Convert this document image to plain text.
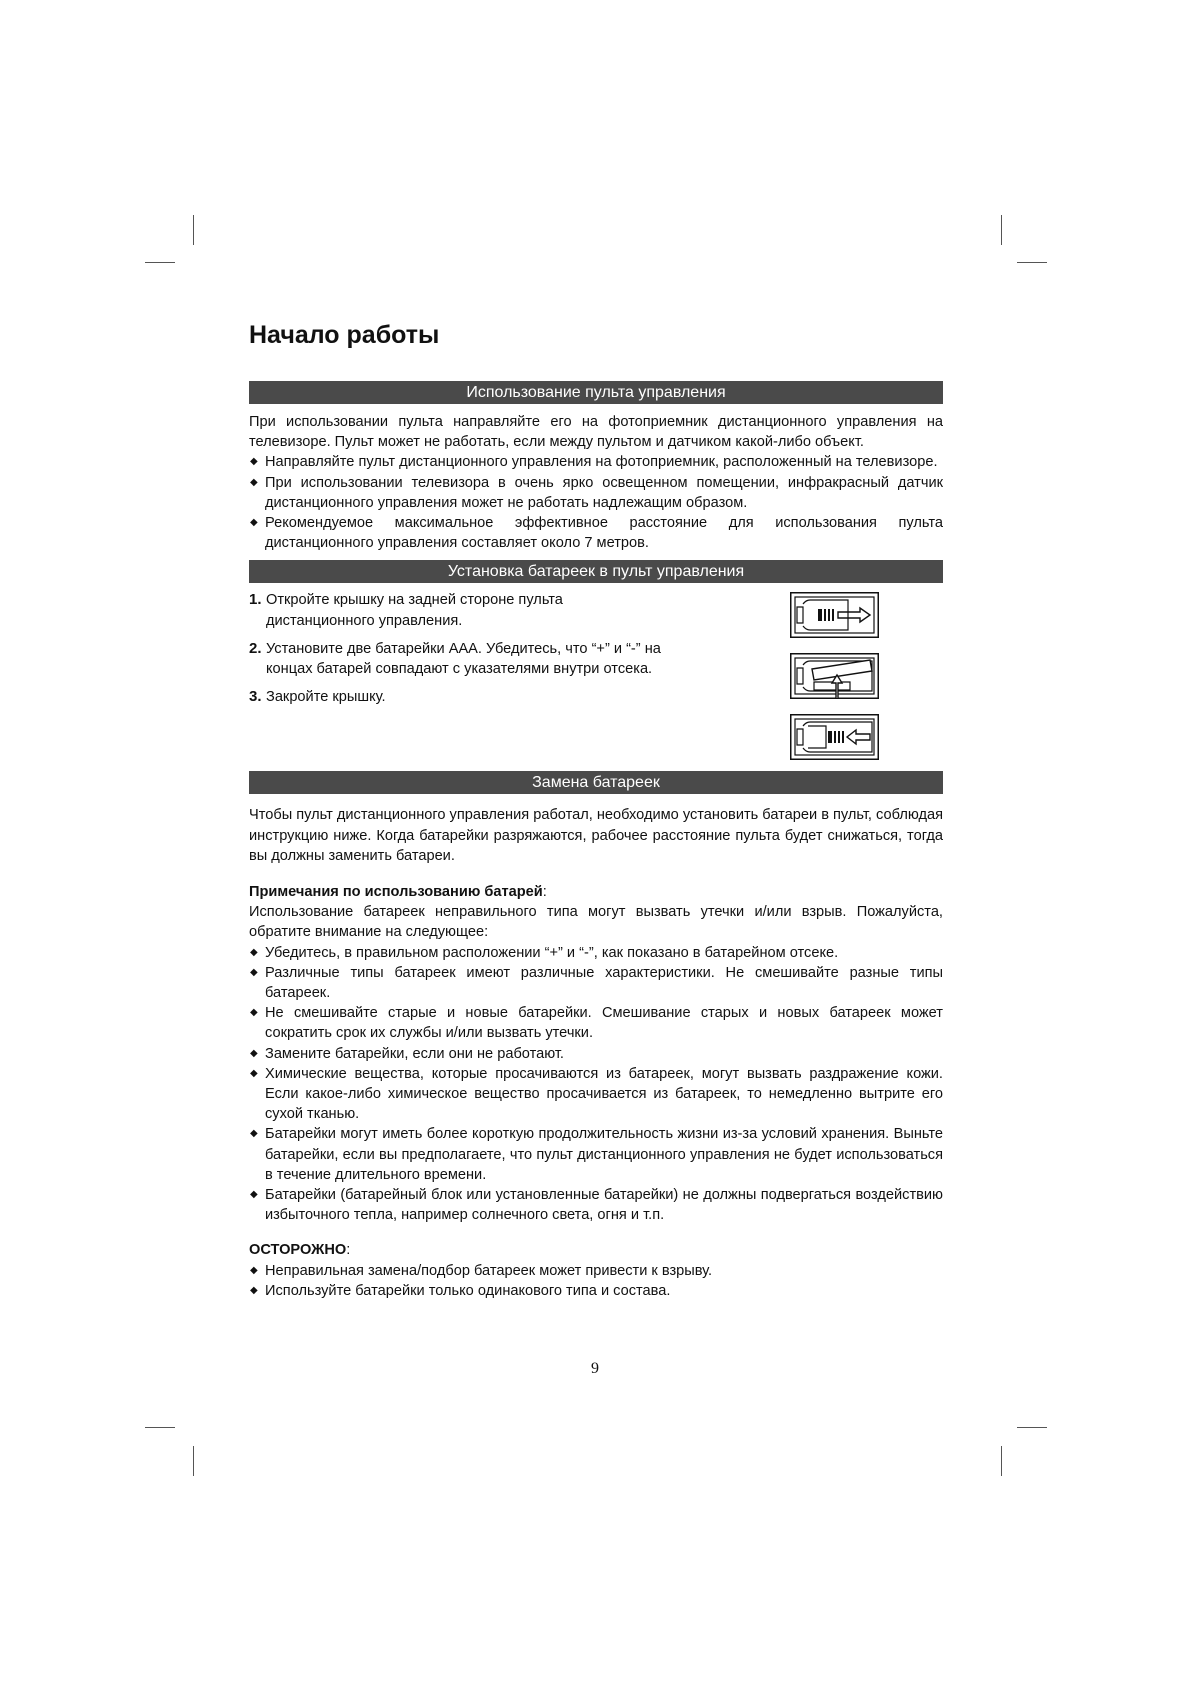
Начало работы
Использование пульта управления

При использовании пульта направляйте его на фотоприемник дистанционного управления на телевизоре. Пульт может не работать, если между пультом и датчиком какой-либо объект.

◆ Направляйте пульт дистанционного управления на фотоприемник, расположенный на телевизоре.
◆ При использовании телевизора в очень ярко освещенном помещении, инфракрасный датчик дистанционного управления может не работать надлежащим образом.
◆ Рекомендуемое максимальное эффективное расстояние для использования пульта дистанционного управления составляет около 7 метров.
Установка батареек в пульт управления
1. Откройте крышку на задней стороне пульта дистанционного управления.
2. Установите две батарейки ААА. Убедитесь, что “+” и “-” на концах батарей совпадают с указателями внутри отсека.
3. Закройте крышку.

Замена батареек

Чтобы пульт дистанционного управления работал, необходимо установить батареи в пульт, соблюдая инструкцию ниже. Когда батарейки разряжаются, рабочее расстояние пульта будет снижаться, тогда вы должны заменить батареи.

Примечания по использованию батарей:

Использование батареек неправильного типа могут вызвать утечки и/или взрыв. Пожалуйста, обратите внимание на следующее:

◆ Убедитесь, в правильном расположении “+” и “-”, как показано в батарейном отсеке.
◆ Различные типы батареек имеют различные характеристики. Не смешивайте разные типы батареек.
◆ Не смешивайте старые и новые батарейки. Смешивание старых и новых батареек может сократить срок их службы и/или вызвать утечки.
◆ Замените батарейки, если они не работают.
◆ Химические вещества, которые просачиваются из батареек, могут вызвать раздражение кожи. Если какое-либо химическое вещество просачивается из батареек, то немедленно вытрите его сухой тканью.
◆ Батарейки могут иметь более короткую продолжительность жизни из-за условий хранения. Выньте батарейки, если вы предполагаете, что пульт дистанционного управления не будет использоваться в течение длительного времени.
◆ Батарейки (батарейный блок или установленные батарейки) не должны подвергаться воздействию избыточного тепла, например солнечного света, огня и т.п.

ОСТОРОЖНО:

◆ Неправильная замена/подбор батареек может привести к взрыву.
◆ Используйте батарейки только одинакового типа и состава.
9
